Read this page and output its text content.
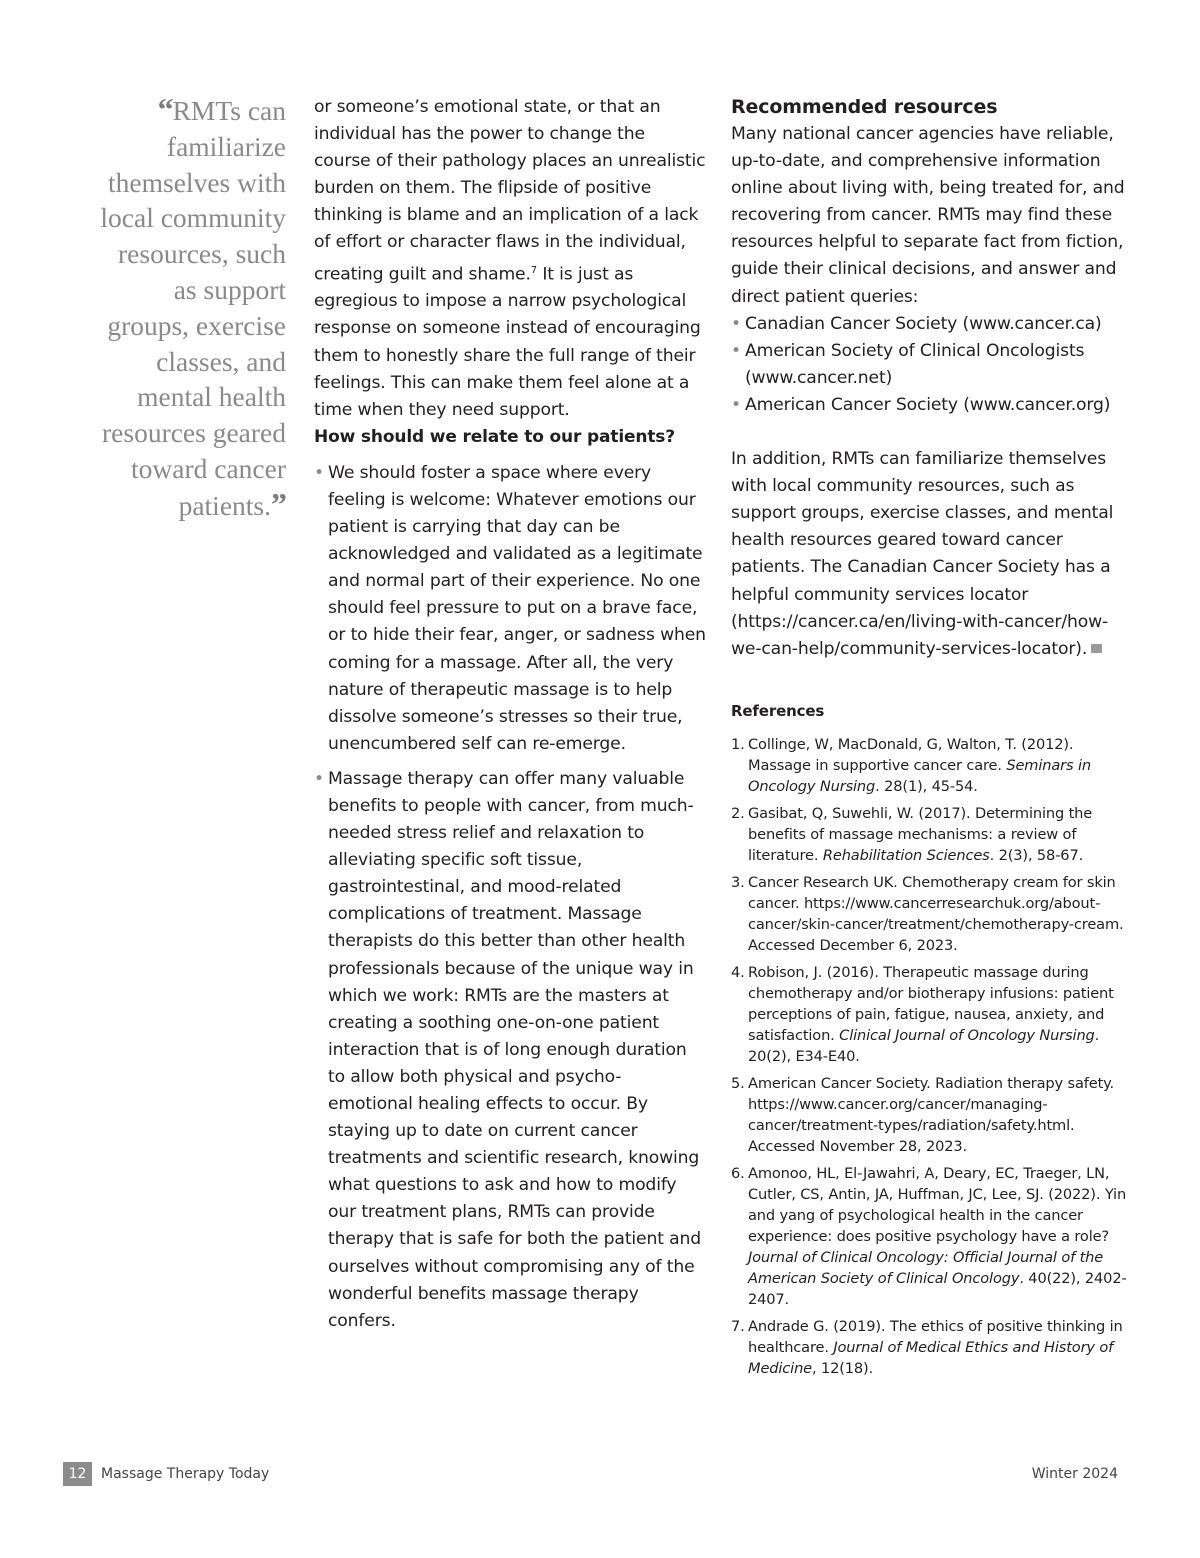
“RMTs can familiarize themselves with local community resources, such as support groups, exercise classes, and mental health resources geared toward cancer patients.”

or someone’s emotional state, or that an individual has the power to change the course of their pathology places an unrealistic burden on them. The flipside of positive thinking is blame and an implication of a lack of effort or character flaws in the individual, creating guilt and shame.$^7$ It is just as egregious to impose a narrow psychological response on someone instead of encouraging them to honestly share the full range of their feelings. This can make them feel alone at a time when they need support.

How should we relate to our patients?
• We should foster a space where every feeling is welcome: Whatever emotions our patient is carrying that day can be acknowledged and validated as a legitimate and normal part of their experience. No one should feel pressure to put on a brave face, or to hide their fear, anger, or sadness when coming for a massage. After all, the very nature of therapeutic massage is to help dissolve someone’s stresses so their true, unencumbered self can re-emerge.
• Massage therapy can offer many valuable benefits to people with cancer, from much-needed stress relief and relaxation to alleviating specific soft tissue, gastrointestinal, and mood-related complications of treatment. Massage therapists do this better than other health professionals because of the unique way in which we work: RMTs are the masters at creating a soothing one-on-one patient interaction that is of long enough duration to allow both physical and psycho-emotional healing effects to occur. By staying up to date on current cancer treatments and scientific research, knowing what questions to ask and how to modify our treatment plans, RMTs can provide therapy that is safe for both the patient and ourselves without compromising any of the wonderful benefits massage therapy confers.
Recommended resources

Many national cancer agencies have reliable, up-to-date, and comprehensive information online about living with, being treated for, and recovering from cancer. RMTs may find these resources helpful to separate fact from fiction, guide their clinical decisions, and answer and direct patient queries:

• Canadian Cancer Society (www.cancer.ca)
• American Society of Clinical Oncologists (www.cancer.net)
• American Cancer Society (www.cancer.org)

In addition, RMTs can familiarize themselves with local community resources, such as support groups, exercise classes, and mental health resources geared toward cancer patients. The Canadian Cancer Society has a helpful community services locator (https://cancer.ca/en/living-with-cancer/how-we-can-help/community-services-locator).

References
1. Collinge, W, MacDonald, G, Walton, T. (2012). Massage in supportive cancer care. Seminars in Oncology Nursing. 28(1), 45-54.
2. Gasibat, Q, Suwehli, W. (2017). Determining the benefits of massage mechanisms: a review of literature. Rehabilitation Sciences. 2(3), 58-67.
3. Cancer Research UK. Chemotherapy cream for skin cancer. https://www.cancerresearchuk.org/about-cancer/skin-cancer/treatment/chemotherapy-cream. Accessed December 6, 2023.
4. Robison, J. (2016). Therapeutic massage during chemotherapy and/or biotherapy infusions: patient perceptions of pain, fatigue, nausea, anxiety, and satisfaction. Clinical Journal of Oncology Nursing. 20(2), E34-E40.
5. American Cancer Society. Radiation therapy safety. https://www.cancer.org/cancer/managing-cancer/treatment-types/radiation/safety.html. Accessed November 28, 2023.
6. Amonoo, HL, El-Jawahri, A, Deary, EC, Traeger, LN, Cutler, CS, Antin, JA, Huffman, JC, Lee, SJ. (2022). Yin and yang of psychological health in the cancer experience: does positive psychology have a role? Journal of Clinical Oncology: Official Journal of the American Society of Clinical Oncology. 40(22), 2402-2407.
7. Andrade G. (2019). The ethics of positive thinking in healthcare. Journal of Medical Ethics and History of Medicine, 12(18).
12	Massage Therapy Today	Winter 2024
